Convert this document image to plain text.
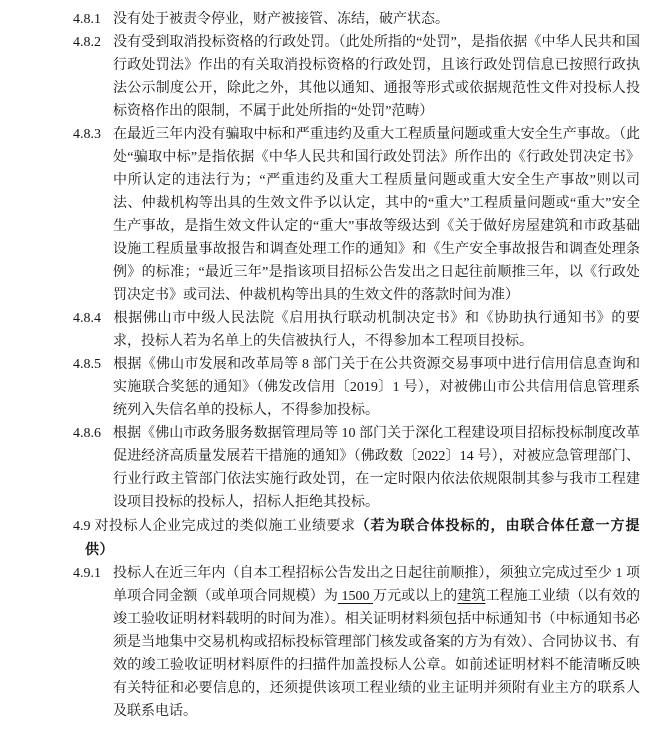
4.8.1 没有处于被责令停业，财产被接管、冻结，破产状态。
4.8.2 没有受到取消投标资格的行政处罚。（此处所指的“处罚”，是指依据《中华人民共和国行政处罚法》作出的有关取消投标资格的行政处罚，且该行政处罚信息已按照行政执法公示制度公开，除此之外，其他以通知、通报等形式或依据规范性文件对投标人投标资格作出的限制，不属于此处所指的“处罚”范畴）
4.8.3 在最近三年内没有骗取中标和严重违约及重大工程质量问题或重大安全生产事故。（此处“骗取中标”是指依据《中华人民共和国行政处罚法》所作出的《行政处罚决定书》中所认定的违法行为；“严重违约及重大工程质量问题或重大安全生产事故”则以司法、仲裁机构等出具的生效文件予以认定，其中的“重大”工程质量问题或“重大”安全生产事故，是指生效文件认定的“重大”事故等级达到《关于做好房屋建筑和市政基础设施工程质量事故报告和调查处理工作的通知》和《生产安全事故报告和调查处理条例》的标准；“最近三年”是指该项目招标公告发出之日起往前顺推三年，以《行政处罚决定书》或司法、仲裁机构等出具的生效文件的落款时间为准）
4.8.4 根据佛山市中级人民法院《启用执行联动机制决定书》和《协助执行通知书》的要求，投标人若为名单上的失信被执行人，不得参加本工程项目投标。
4.8.5 根据《佛山市发展和改革局等 8 部门关于在公共资源交易事项中进行信用信息查询和实施联合奖惩的通知》（佛发改信用〔2019〕1 号），对被佛山市公共信用信息管理系统列入失信名单的投标人，不得参加投标。
4.8.6 根据《佛山市政务服务数据管理局等 10 部门关于深化工程建设项目招标投标制度改革促进经济高质量发展若干措施的通知》（佛政数〔2022〕14 号），对被应急管理部门、行业行政主管部门依法实施行政处罚，在一定时限内依法依规限制其参与我市工程建设项目投标的投标人，招标人拒绝其投标。
4.9 对投标人企业完成过的类似施工业绩要求（若为联合体投标的，由联合体任意一方提供）
4.9.1 投标人在近三年内（自本工程招标公告发出之日起往前顺推），须独立完成过至少 1 项单项合同金额（或单项合同规模）为 1500 万元或以上的建筑工程施工业绩（以有效的竣工验收证明材料载明的时间为准）。相关证明材料须包括中标通知书（中标通知书必须是当地集中交易机构或招标投标管理部门核发或备案的方为有效）、合同协议书、有效的竣工验收证明材料原件的扫描件加盖投标人公章。如前述证明材料不能清晰反映有关特征和必要信息的，还须提供该项工程业绩的业主证明并须附有业主方的联系人及联系电话。
